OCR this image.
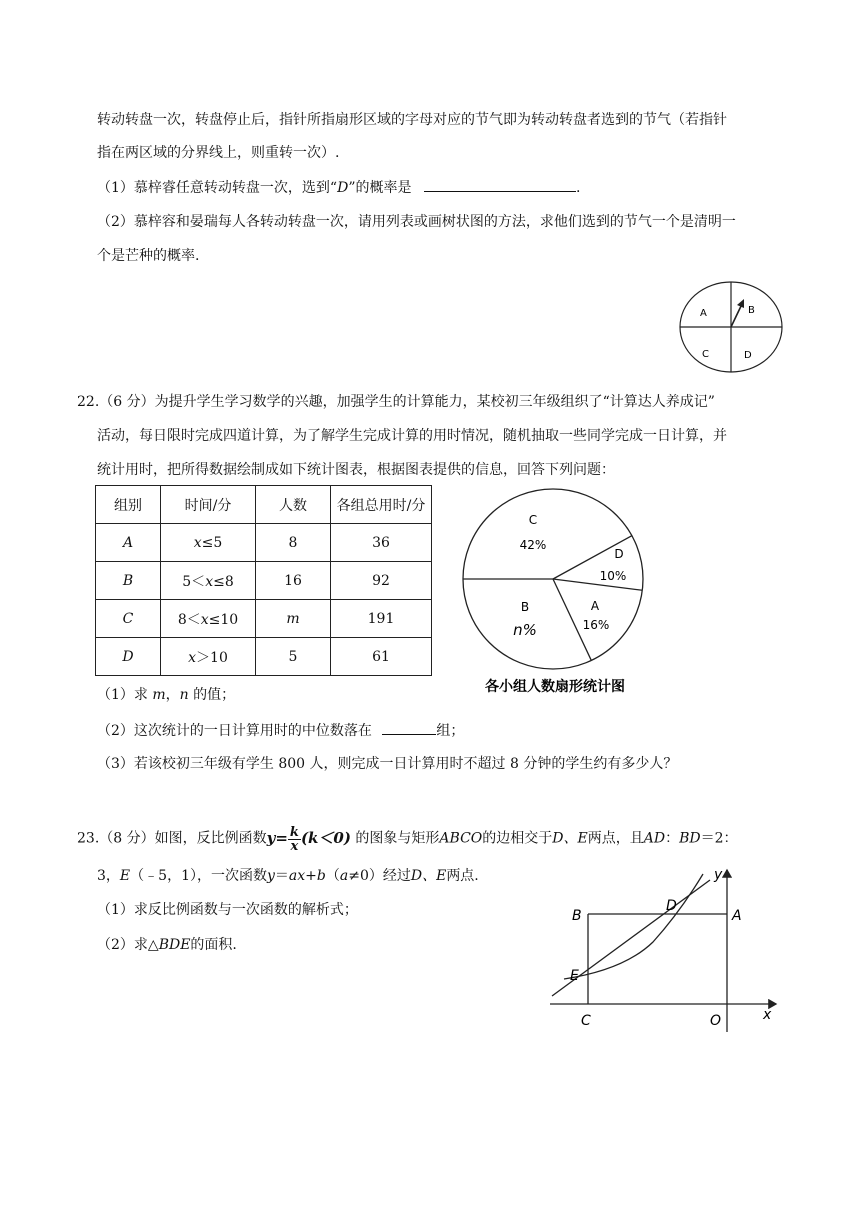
转动转盘一次，转盘停止后，指针所指扇形区域的字母对应的节气即为转动转盘者选到的节气（若指针
指在两区域的分界线上，则重转一次）.
（1）慕梓睿任意转动转盘一次，选到“D”的概率是	.
（2）慕梓容和晏瑞每人各转动转盘一次，请用列表或画树状图的方法，求他们选到的节气一个是清明一
个是芒种的概率.
A	B
C	D
22.（6 分）为提升学生学习数学的兴趣，加强学生的计算能力，某校初三年级组织了“计算达人养成记”
活动，每日限时完成四道计算，为了解学生完成计算的用时情况，随机抽取一些同学完成一日计算，并
统计用时，把所得数据绘制成如下统计图表，根据图表提供的信息，回答下列问题：
组别	时间/分	人数	各组总用时/分
A	x≤5	8	36
B	5＜x≤8	16	92
C	8＜x≤10	m	191
D	x＞10	5	61
C
42%
D
10%
A
16%
B
n%
各小组人数扇形统计图
（1）求 m，n 的值；
（2）这次统计的一日计算用时的中位数落在	组；
（3）若该校初三年级有学生 800 人，则完成一日计算用时不超过 8 分钟的学生约有多少人？
23.（8 分）如图，反比例函数$y= \frac{k}{x} (k<0)$ 的图象与矩形ABCO的边相交于D、E两点，且AD：BD＝2：
3，E（﹣5，1），一次函数y＝ax+b（a≠0）经过D、E两点.
（1）求反比例函数与一次函数的解析式；
（2）求△BDE的面积.
B
D
A
E
C	O	x
y
